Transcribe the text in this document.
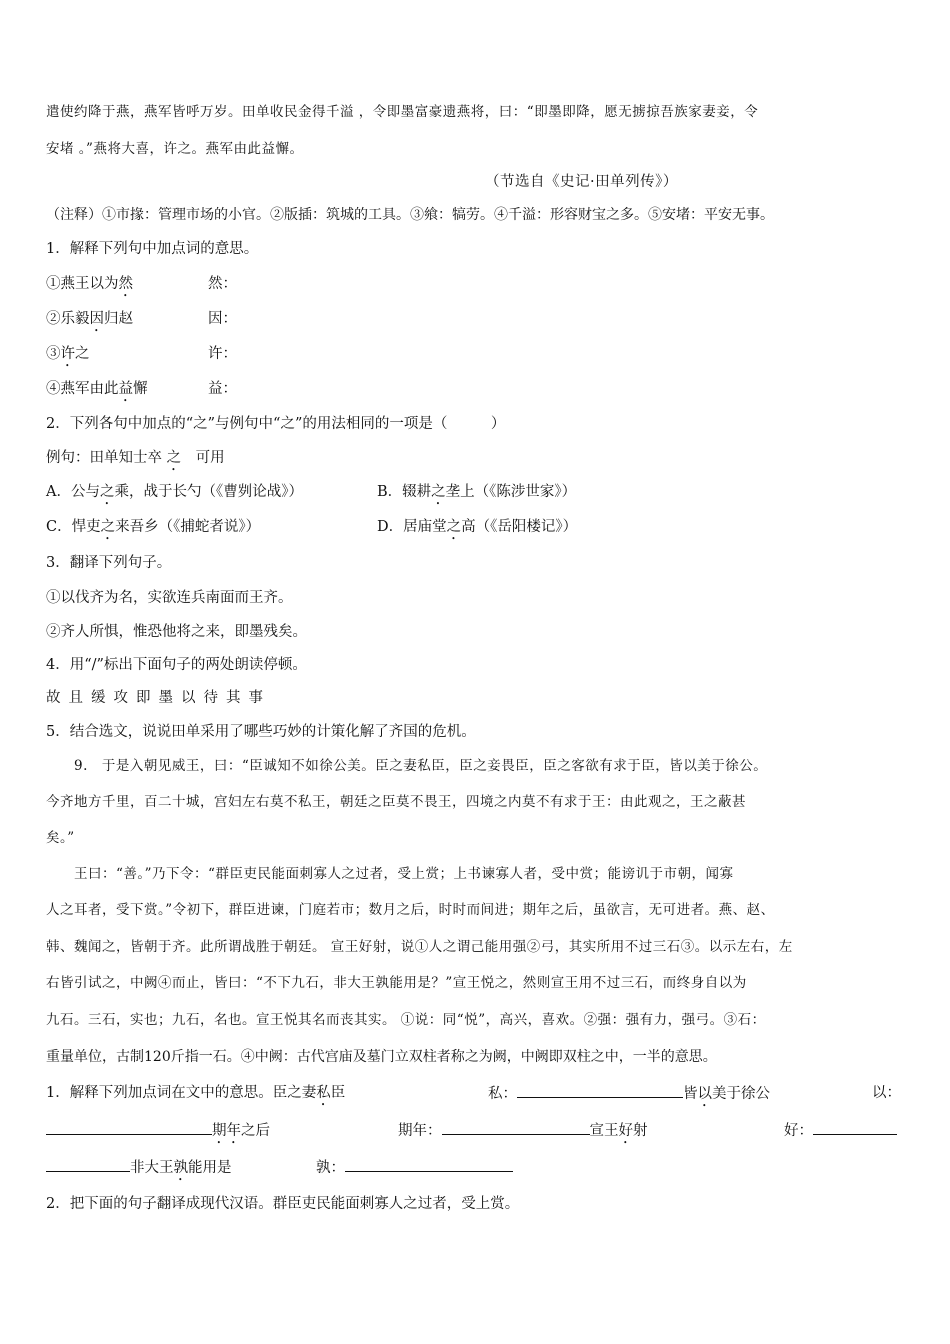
遣使约降于燕，燕军皆呼万岁。田单收民金得千溢 ，令即墨富豪遗燕将，曰：“即墨即降，愿无掳掠吾族家妻妾，令
安堵 。”燕将大喜，许之。燕军由此益懈。
（节选自《史记·田单列传》）
（注释）①市掾：管理市场的小官。②版插：筑城的工具。③飨：犒劳。④千溢：形容财宝之多。⑤安堵：平安无事。
1．解释下列句中加点词的意思。
①燕王以为然	然：
②乐毅因归赵	因：
③许之	许：
④燕军由此益懈	益：
2．下列各句中加点的“之”与例句中“之”的用法相同的一项是（　　　）
例句：田单知士卒 之　可用
A．公与之乘，战于长勺（《曹刿论战》）	B．辍耕之垄上（《陈涉世家》）
C．悍吏之来吾乡（《捕蛇者说》）	D．居庙堂之高（《岳阳楼记》）
3．翻译下列句子。
①以伐齐为名，实欲连兵南面而王齐。
②齐人所惧，惟恐他将之来，即墨残矣。
4．用“/”标出下面句子的两处朗读停顿。
故且缓攻即墨以待其事
5．结合选文，说说田单采用了哪些巧妙的计策化解了齐国的危机。
　　9.　于是入朝见威王，曰：“臣诚知不如徐公美。臣之妻私臣，臣之妾畏臣，臣之客欲有求于臣，皆以美于徐公。
今齐地方千里，百二十城，宫妇左右莫不私王，朝廷之臣莫不畏王，四境之内莫不有求于王：由此观之，王之蔽甚
矣。”
　　王曰：“善。”乃下令：“群臣吏民能面刺寡人之过者，受上赏；上书谏寡人者，受中赏；能谤讥于市朝，闻寡
人之耳者，受下赏。”令初下，群臣进谏，门庭若市；数月之后，时时而间进；期年之后，虽欲言，无可进者。燕、赵、
韩、魏闻之，皆朝于齐。此所谓战胜于朝廷。 宣王好射，说①人之谓己能用强②弓，其实所用不过三石③。以示左右，左
右皆引试之，中阙④而止，皆曰：“不下九石，非大王孰能用是？”宣王悦之，然则宣王用不过三石，而终身自以为
九石。三石，实也；九石，名也。宣王悦其名而丧其实。 ①说：同“悦”，高兴，喜欢。②强：强有力，强弓。③石：
重量单位，古制120斤指一石。④中阙：古代宫庙及墓门立双柱者称之为阙，中阙即双柱之中，一半的意思。
1．解释下列加点词在文中的意思。臣之妻私臣	私：	皆以美于徐公	以：
期年之后	期年：	宣王好射	好：
非大王孰能用是	孰：
2．把下面的句子翻译成现代汉语。群臣吏民能面刺寡人之过者，受上赏。
